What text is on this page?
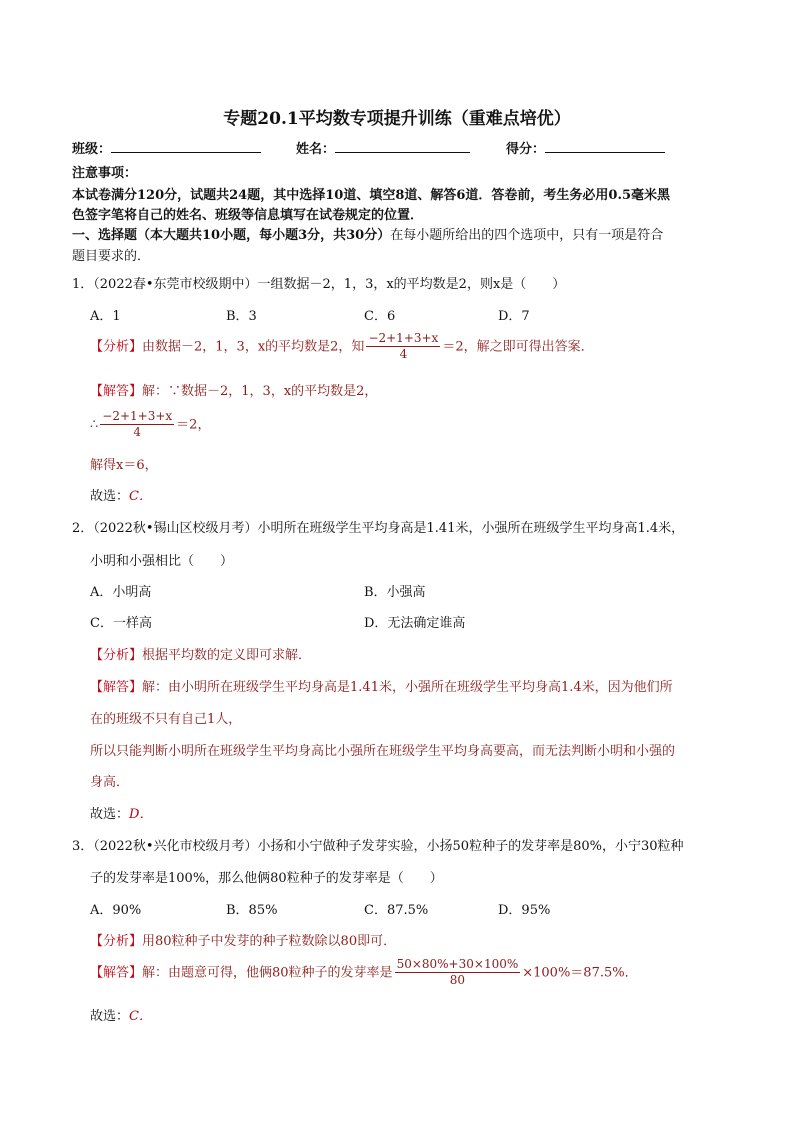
专题20.1平均数专项提升训练（重难点培优）
班级：	姓名：	得分：
注意事项：
本试卷满分120分，试题共24题，其中选择10道、填空8道、解答6道．答卷前，考生务必用0.5毫米黑
色签字笔将自己的姓名、班级等信息填写在试卷规定的位置．
一、选择题（本大题共10小题，每小题3分，共30分）在每小题所给出的四个选项中，只有一项是符合
题目要求的．
1．（2022春•东莞市校级期中）一组数据－2，1，3，x的平均数是2，则x是（　　）
A．1	B．3	C．6	D．7
【分析】由数据－2，1，3，x的平均数是2，知 $\frac{-2+1+3+x}{4} =2$，解之即可得出答案．
【解答】解：∵数据－2，1，3，x的平均数是2，
∴ $\frac{-2+1+3+x}{4} =2$，
解得x＝6，
故选：C．
2．（2022秋•锡山区校级月考）小明所在班级学生平均身高是1.41米，小强所在班级学生平均身高1.4米，
小明和小强相比（　　）
A．小明高	B．小强高
C．一样高	D．无法确定谁高
【分析】根据平均数的定义即可求解．
【解答】解：由小明所在班级学生平均身高是1.41米，小强所在班级学生平均身高1.4米，因为他们所
在的班级不只有自己1人，
所以只能判断小明所在班级学生平均身高比小强所在班级学生平均身高要高，而无法判断小明和小强的
身高．
故选：D．
3．（2022秋•兴化市校级月考）小扬和小宁做种子发芽实验，小扬50粒种子的发芽率是80%，小宁30粒种
子的发芽率是100%，那么他俩80粒种子的发芽率是（　　）
A．90%	B．85%	C．87.5%	D．95%
【分析】用80粒种子中发芽的种子粒数除以80即可．
【解答】解：由题意可得，他俩80粒种子的发芽率是 $\frac{50\times 80\%+30\times 100\%}{80} \times 100\%=87.5\%$．
故选：C．
